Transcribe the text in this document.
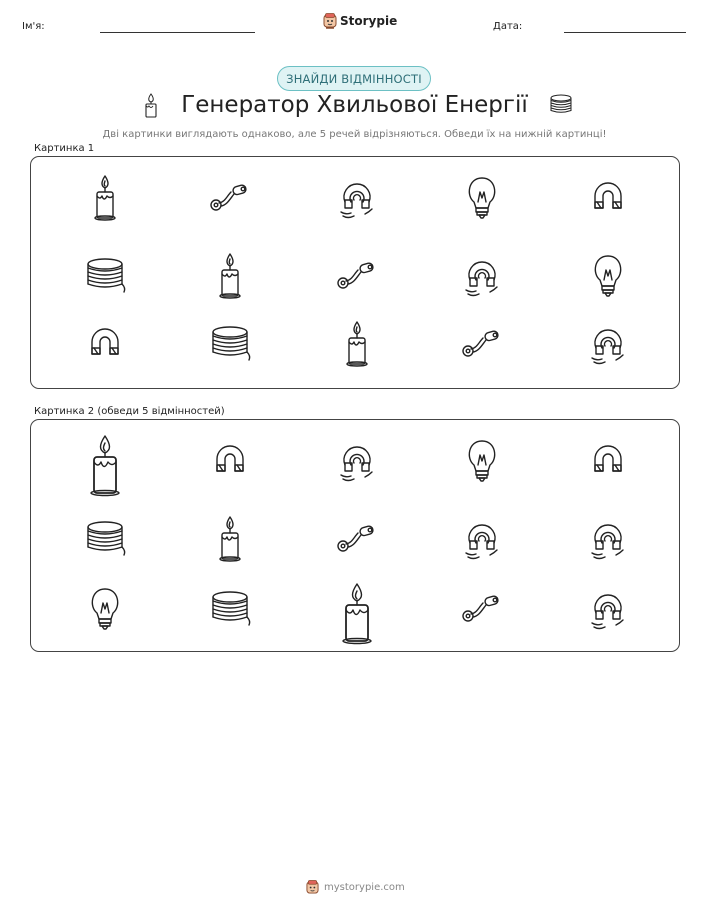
Ім'я:	Storypie	Дата:
ЗНАЙДИ ВІДМІННОСТІ
Генератор Хвильової Енергії
Дві картинки виглядають однаково, але 5 речей відрізняються. Обведи їх на нижній картинці!
Картинка 1
Картинка 2 (обведи 5 відмінностей)
mystorypie.com
